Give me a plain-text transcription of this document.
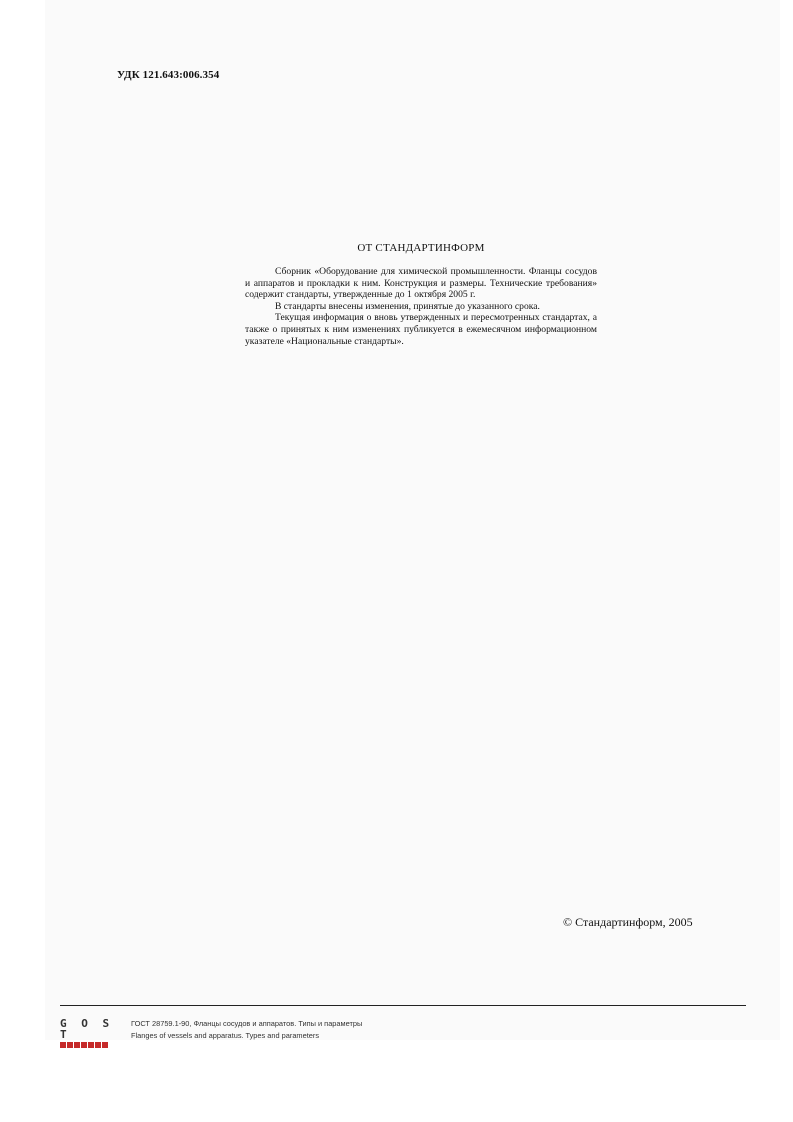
УДК 121.643:006.354
ОТ СТАНДАРТИНФОРМ

Сборник «Оборудование для химической промышленности. Фланцы сосудов и аппаратов и прокладки к ним. Конструкция и размеры. Технические требования» содержит стандарты, утвержденные до 1 октября 2005 г.

В стандарты внесены изменения, принятые до указанного срока.

Текущая информация о вновь утвержденных и пересмотренных стандартах, а также о принятых к ним изменениях публикуется в ежемесячном информационном указателе «Национальные стандарты».

© Стандартинформ, 2005
G O S T
ГОСТ 28759.1-90, Фланцы сосудов и аппаратов. Типы и параметры
Flanges of vessels and apparatus. Types and parameters
